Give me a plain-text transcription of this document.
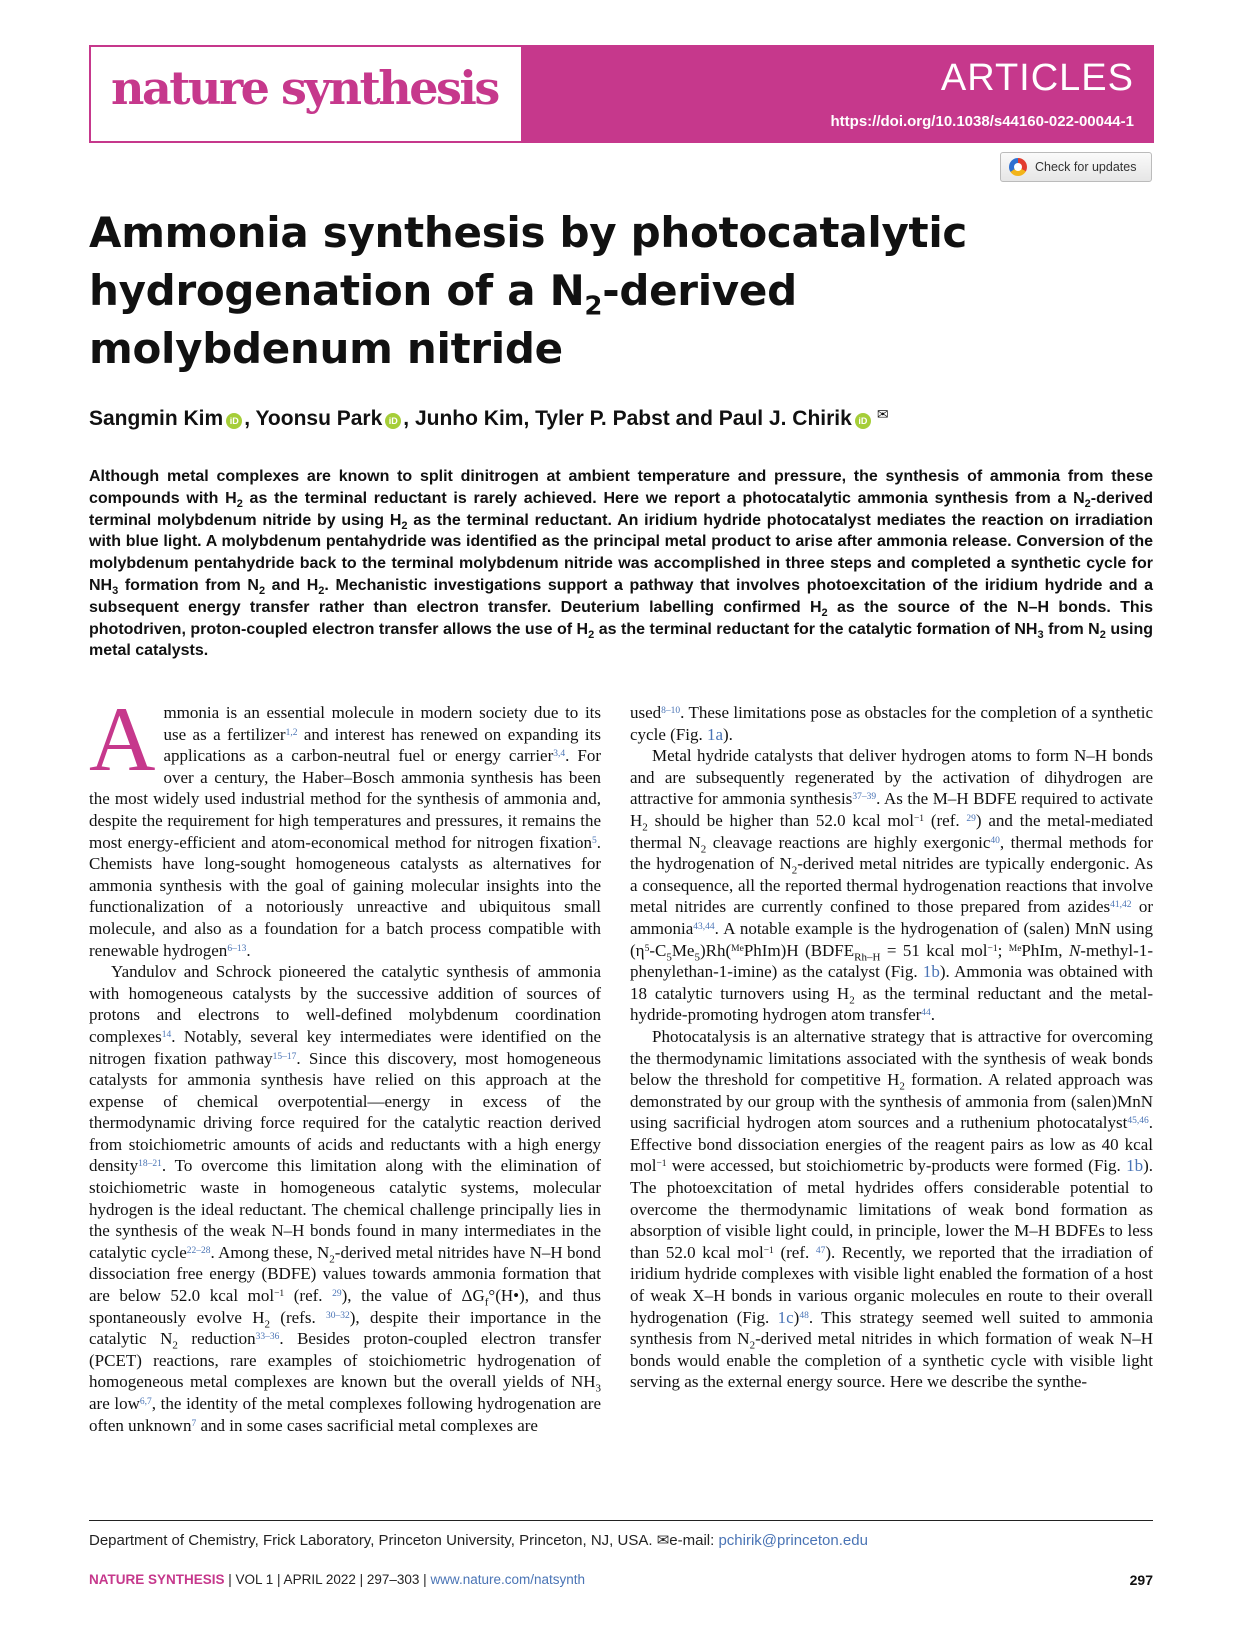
nature synthesis	ARTICLES
https://doi.org/10.1038/s44160-022-00044-1
Check for updates
Ammonia synthesis by photocatalytic hydrogenation of a $N_2$-derived molybdenum nitride
Sangmin Kim iD , Yoonsu Park iD , Junho Kim, Tyler P. Pabst and Paul J. Chirik iD ✉
Although metal complexes are known to split dinitrogen at ambient temperature and pressure, the synthesis of ammonia from these compounds with $H_2$ as the terminal reductant is rarely achieved. Here we report a photocatalytic ammonia synthesis from a $N_2$-derived terminal molybdenum nitride by using $H_2$ as the terminal reductant. An iridium hydride photocatalyst mediates the reaction on irradiation with blue light. A molybdenum pentahydride was identified as the principal metal product to arise after ammonia release. Conversion of the molybdenum pentahydride back to the terminal molybdenum nitride was accomplished in three steps and completed a synthetic cycle for $NH_3$ formation from $N_2$ and $H_2$. Mechanistic investigations support a pathway that involves photoexcitation of the iridium hydride and a subsequent energy transfer rather than electron transfer. Deuterium labelling confirmed $H_2$ as the source of the N–H bonds. This photodriven, proton-coupled electron transfer allows the use of $H_2$ as the terminal reductant for the catalytic formation of $NH_3$ from $N_2$ using metal catalysts.

Ammonia is an essential molecule in modern society due to its use as a fertilizer$^{1,2}$ and interest has renewed on expanding its applications as a carbon-neutral fuel or energy carrier$^{3,4}$. For over a century, the Haber–Bosch ammonia synthesis has been the most widely used industrial method for the synthesis of ammonia and, despite the requirement for high temperatures and pressures, it remains the most energy-efficient and atom-economical method for nitrogen fixation$^5$. Chemists have long-sought homogeneous catalysts as alternatives for ammonia synthesis with the goal of gaining molecular insights into the functionalization of a notoriously unreactive and ubiquitous small molecule, and also as a foundation for a batch process compatible with renewable hydrogen$^{6-13}$.

Yandulov and Schrock pioneered the catalytic synthesis of ammonia with homogeneous catalysts by the successive addition of sources of protons and electrons to well-defined molybdenum coordination complexes$^{14}$. Notably, several key intermediates were identified on the nitrogen fixation pathway$^{15-17}$. Since this discovery, most homogeneous catalysts for ammonia synthesis have relied on this approach at the expense of chemical overpotential—energy in excess of the thermodynamic driving force required for the catalytic reaction derived from stoichiometric amounts of acids and reductants with a high energy density$^{18-21}$. To overcome this limitation along with the elimination of stoichiometric waste in homogeneous catalytic systems, molecular hydrogen is the ideal reductant. The chemical challenge principally lies in the synthesis of the weak N–H bonds found in many intermediates in the catalytic cycle$^{22-28}$. Among these, $N_2$-derived metal nitrides have N–H bond dissociation free energy (BDFE) values towards ammonia formation that are below 52.0 kcal mol$^{-1}$ (ref. $^{29}$), the value of $\Delta G_f^\circ(H•)$, and thus spontaneously evolve $H_2$ (refs. $^{30-32}$), despite their importance in the catalytic $N_2$ reduction$^{33-36}$. Besides proton-coupled electron transfer (PCET) reactions, rare examples of stoichiometric hydrogenation of homogeneous metal complexes are known but the overall yields of $NH_3$ are low$^{6,7}$, the identity of the metal complexes following hydrogenation are often unknown$^7$ and in some cases sacrificial metal complexes are

used$^{8-10}$. These limitations pose as obstacles for the completion of a synthetic cycle (Fig. 1a).

Metal hydride catalysts that deliver hydrogen atoms to form N–H bonds and are subsequently regenerated by the activation of dihydrogen are attractive for ammonia synthesis$^{37-39}$. As the M–H BDFE required to activate $H_2$ should be higher than 52.0 kcal mol$^{-1}$ (ref. $^{29}$) and the metal-mediated thermal $N_2$ cleavage reactions are highly exergonic$^{40}$, thermal methods for the hydrogenation of $N_2$-derived metal nitrides are typically endergonic. As a consequence, all the reported thermal hydrogenation reactions that involve metal nitrides are currently confined to those prepared from azides$^{41,42}$ or ammonia$^{43,44}$. A notable example is the hydrogenation of (salen) MnN using $(\eta^5-C_5Me_5)Rh(^{Me}PhIm)H$ ($BDFE_{Rh-H} = 51$ kcal mol$^{-1}$; $^{Me}$PhIm, N-methyl-1-phenylethan-1-imine) as the catalyst (Fig. 1b). Ammonia was obtained with 18 catalytic turnovers using $H_2$ as the terminal reductant and the metal-hydride-promoting hydrogen atom transfer$^{44}$.

Photocatalysis is an alternative strategy that is attractive for overcoming the thermodynamic limitations associated with the synthesis of weak bonds below the threshold for competitive $H_2$ formation. A related approach was demonstrated by our group with the synthesis of ammonia from (salen)MnN using sacrificial hydrogen atom sources and a ruthenium photocatalyst$^{45,46}$. Effective bond dissociation energies of the reagent pairs as low as 40 kcal mol$^{-1}$ were accessed, but stoichiometric by-products were formed (Fig. 1b). The photoexcitation of metal hydrides offers considerable potential to overcome the thermodynamic limitations of weak bond formation as absorption of visible light could, in principle, lower the M–H BDFEs to less than 52.0 kcal mol$^{-1}$ (ref. $^{47}$). Recently, we reported that the irradiation of iridium hydride complexes with visible light enabled the formation of a host of weak X–H bonds in various organic molecules en route to their overall hydrogenation (Fig. 1c)$^{48}$. This strategy seemed well suited to ammonia synthesis from $N_2$-derived metal nitrides in which formation of weak N–H bonds would enable the completion of a synthetic cycle with visible light serving as the external energy source. Here we describe the synthe-

Department of Chemistry, Frick Laboratory, Princeton University, Princeton, NJ, USA. ✉e-mail: pchirik@princeton.edu
NATURE SYNTHESIS | VOL 1 | APRIL 2022 | 297–303 | www.nature.com/natsynth	297
